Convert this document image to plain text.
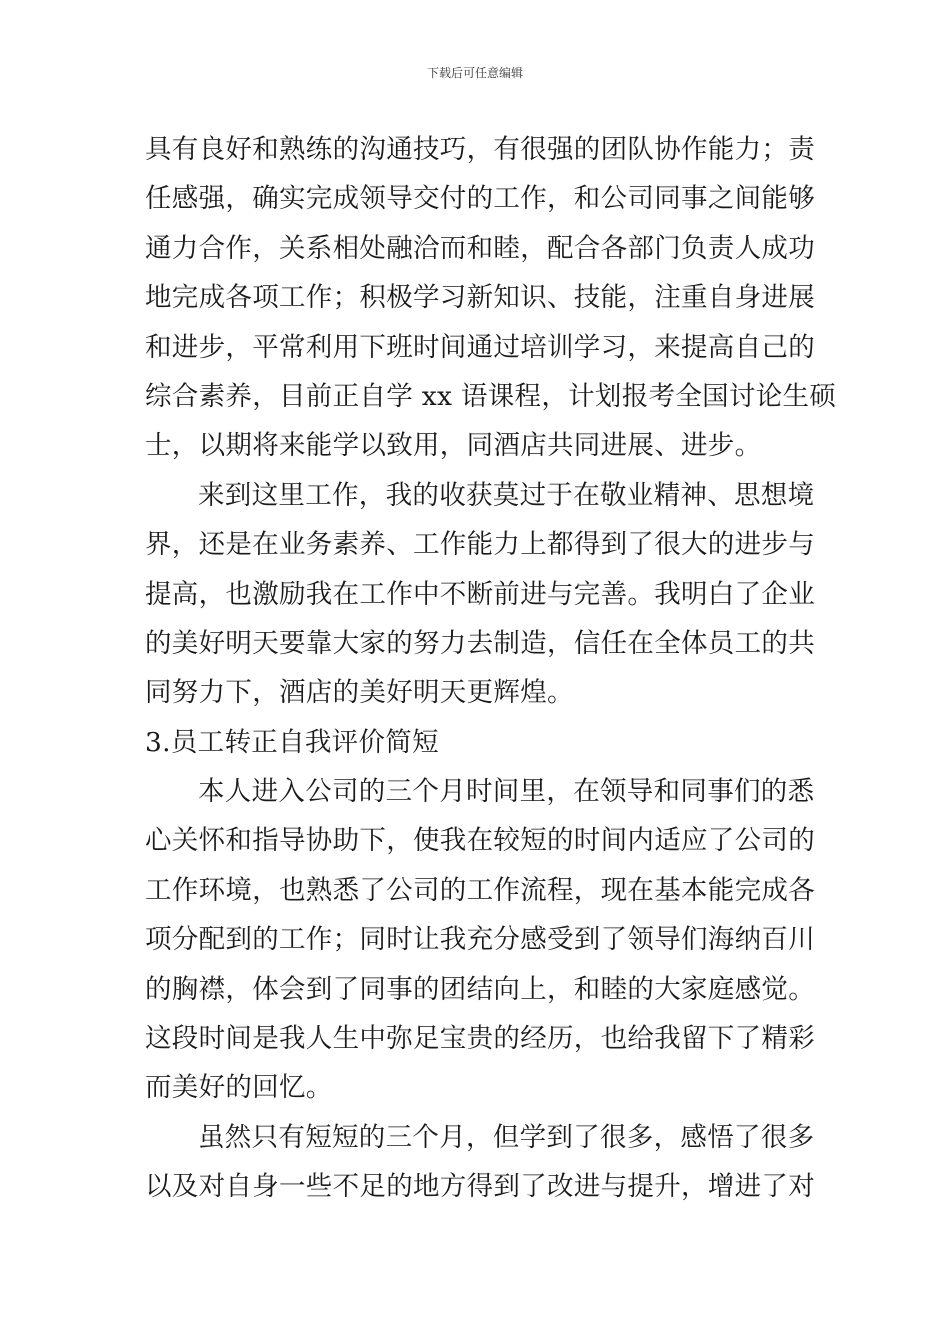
下载后可任意编辑
具有良好和熟练的沟通技巧，有很强的团队协作能力；责
任感强，确实完成领导交付的工作，和公司同事之间能够
通力合作，关系相处融洽而和睦，配合各部门负责人成功
地完成各项工作；积极学习新知识、技能，注重自身进展
和进步，平常利用下班时间通过培训学习，来提高自己的
综合素养，目前正自学 xx 语课程，计划报考全国讨论生硕
士，以期将来能学以致用，同酒店共同进展、进步。
来到这里工作，我的收获莫过于在敬业精神、思想境
界，还是在业务素养、工作能力上都得到了很大的进步与
提高，也激励我在工作中不断前进与完善。我明白了企业
的美好明天要靠大家的努力去制造，信任在全体员工的共
同努力下，酒店的美好明天更辉煌。
3.员工转正自我评价简短
本人进入公司的三个月时间里，在领导和同事们的悉
心关怀和指导协助下，使我在较短的时间内适应了公司的
工作环境，也熟悉了公司的工作流程，现在基本能完成各
项分配到的工作；同时让我充分感受到了领导们海纳百川
的胸襟，体会到了同事的团结向上，和睦的大家庭感觉。
这段时间是我人生中弥足宝贵的经历，也给我留下了精彩
而美好的回忆。
虽然只有短短的三个月，但学到了很多，感悟了很多
以及对自身一些不足的地方得到了改进与提升，增进了对
